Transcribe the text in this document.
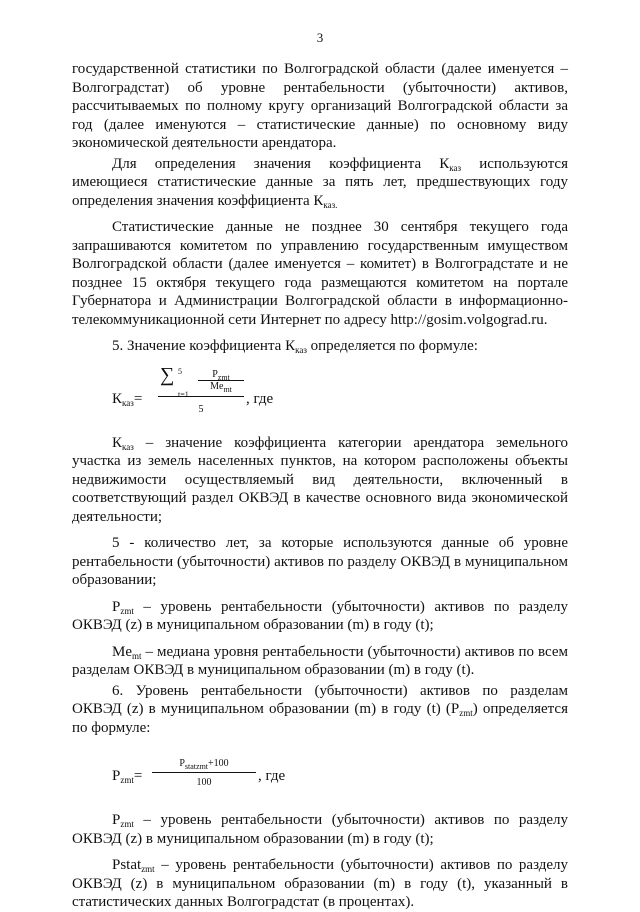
3

государственной статистики по Волгоградской области (далее именуется – Волгоградстат) об уровне рентабельности (убыточности) активов, рассчитываемых по полному кругу организаций Волгоградской области за год (далее именуются – статистические данные) по основному виду экономической деятельности арендатора.

Для определения значения коэффициента $К_{каз}$ используются имеющиеся статистические данные за пять лет, предшествующих году определения значения коэффициента $К_{каз.}$

Статистические данные не позднее 30 сентября текущего года запрашиваются комитетом по управлению государственным имуществом Волгоградской области (далее именуется – комитет) в Волгоградстате и не позднее 15 октября текущего года размещаются комитетом на портале Губернатора и Администрации Волгоградской области в информационно-телекоммуникационной сети Интернет по адресу http://gosim.volgograd.ru.

5. Значение коэффициента $К_{каз}$ определяется по формуле:

$К_{каз}=$
∑ 5
t=1
$P_{zmt}$
$Me_{mt}$
5
, где

$К_{каз}$ – значение коэффициента категории арендатора земельного участка из земель населенных пунктов, на котором расположены объекты недвижимости осуществляемый вид деятельности, включенный в соответствующий раздел ОКВЭД в качестве основного вида экономической деятельности;

5 - количество лет, за которые используются данные об уровне рентабельности (убыточности) активов по разделу ОКВЭД в муниципальном образовании;

$P_{zmt}$ – уровень рентабельности (убыточности) активов по разделу ОКВЭД (z) в муниципальном образовании (m) в году (t);

$Me_{mt}$ – медиана уровня рентабельности (убыточности) активов по всем разделам ОКВЭД в муниципальном образовании (m) в году (t).

6. Уровень рентабельности (убыточности) активов по разделам ОКВЭД (z) в муниципальном образовании (m) в году (t) $(P_{zmt})$ определяется по формуле:

$P_{zmt}=$
$P_{statzmt}+100$
100	, где

$P_{zmt}$ – уровень рентабельности (убыточности) активов по разделу ОКВЭД (z) в муниципальном образовании (m) в году (t);

Pstat$_{zmt}$ – уровень рентабельности (убыточности) активов по разделу ОКВЭД (z) в муниципальном образовании (m) в году (t), указанный в статистических данных Волгоградстат (в процентах).
